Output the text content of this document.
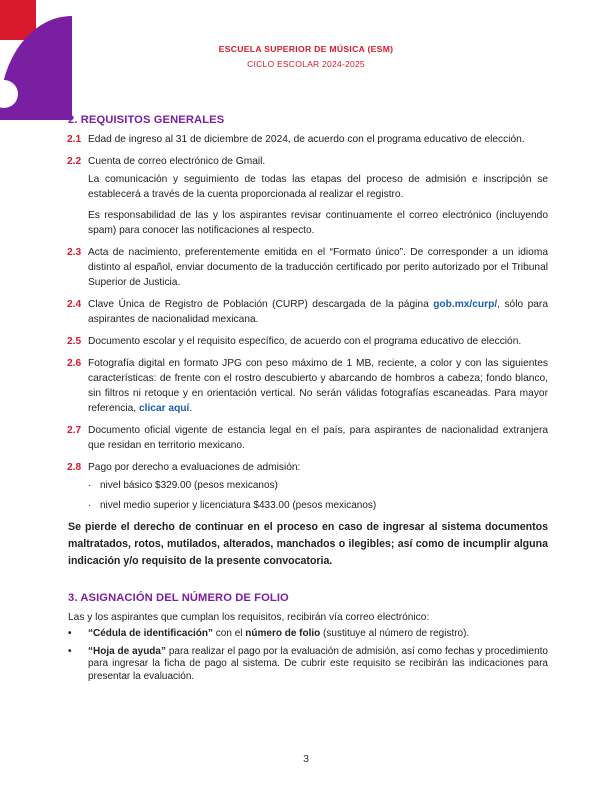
ESCUELA SUPERIOR DE MÚSICA (ESM)
CICLO ESCOLAR 2024-2025
2. REQUISITOS GENERALES
2.1 Edad de ingreso al 31 de diciembre de 2024, de acuerdo con el programa educativo de elección.
2.2 Cuenta de correo electrónico de Gmail.
La comunicación y seguimiento de todas las etapas del proceso de admisión e inscripción se establecerá a través de la cuenta proporcionada al realizar el registro.
Es responsabilidad de las y los aspirantes revisar continuamente el correo electrónico (incluyendo spam) para conocer las notificaciones al respecto.
2.3 Acta de nacimiento, preferentemente emitida en el “Formato único”. De corresponder a un idioma distinto al español, enviar documento de la traducción certificado por perito autorizado por el Tribunal Superior de Justicia.
2.4 Clave Única de Registro de Población (CURP) descargada de la página gob.mx/curp/, sólo para aspirantes de nacionalidad mexicana.
2.5 Documento escolar y el requisito específico, de acuerdo con el programa educativo de elección.
2.6 Fotografía digital en formato JPG con peso máximo de 1 MB, reciente, a color y con las siguientes características: de frente con el rostro descubierto y abarcando de hombros a cabeza; fondo blanco, sin filtros ni retoque y en orientación vertical. No serán válidas fotografías escaneadas. Para mayor referencia, clicar aquí.
2.7 Documento oficial vigente de estancia legal en el país, para aspirantes de nacionalidad extranjera que residan en territorio mexicano.
2.8 Pago por derecho a evaluaciones de admisión:
· nivel básico $329.00 (pesos mexicanos)
· nivel medio superior y licenciatura $433.00 (pesos mexicanos)
Se pierde el derecho de continuar en el proceso en caso de ingresar al sistema documentos maltratados, rotos, mutilados, alterados, manchados o ilegibles; así como de incumplir alguna indicación y/o requisito de la presente convocatoria.
3. ASIGNACIÓN DEL NÚMERO DE FOLIO
Las y los aspirantes que cumplan los requisitos, recibirán vía correo electrónico:
• “Cédula de identificación” con el número de folio (sustituye al número de registro).
• “Hoja de ayuda” para realizar el pago por la evaluación de admisión, así como fechas y procedimiento para ingresar la ficha de pago al sistema. De cubrir este requisito se recibirán las indicaciones para presentar la evaluación.
3
